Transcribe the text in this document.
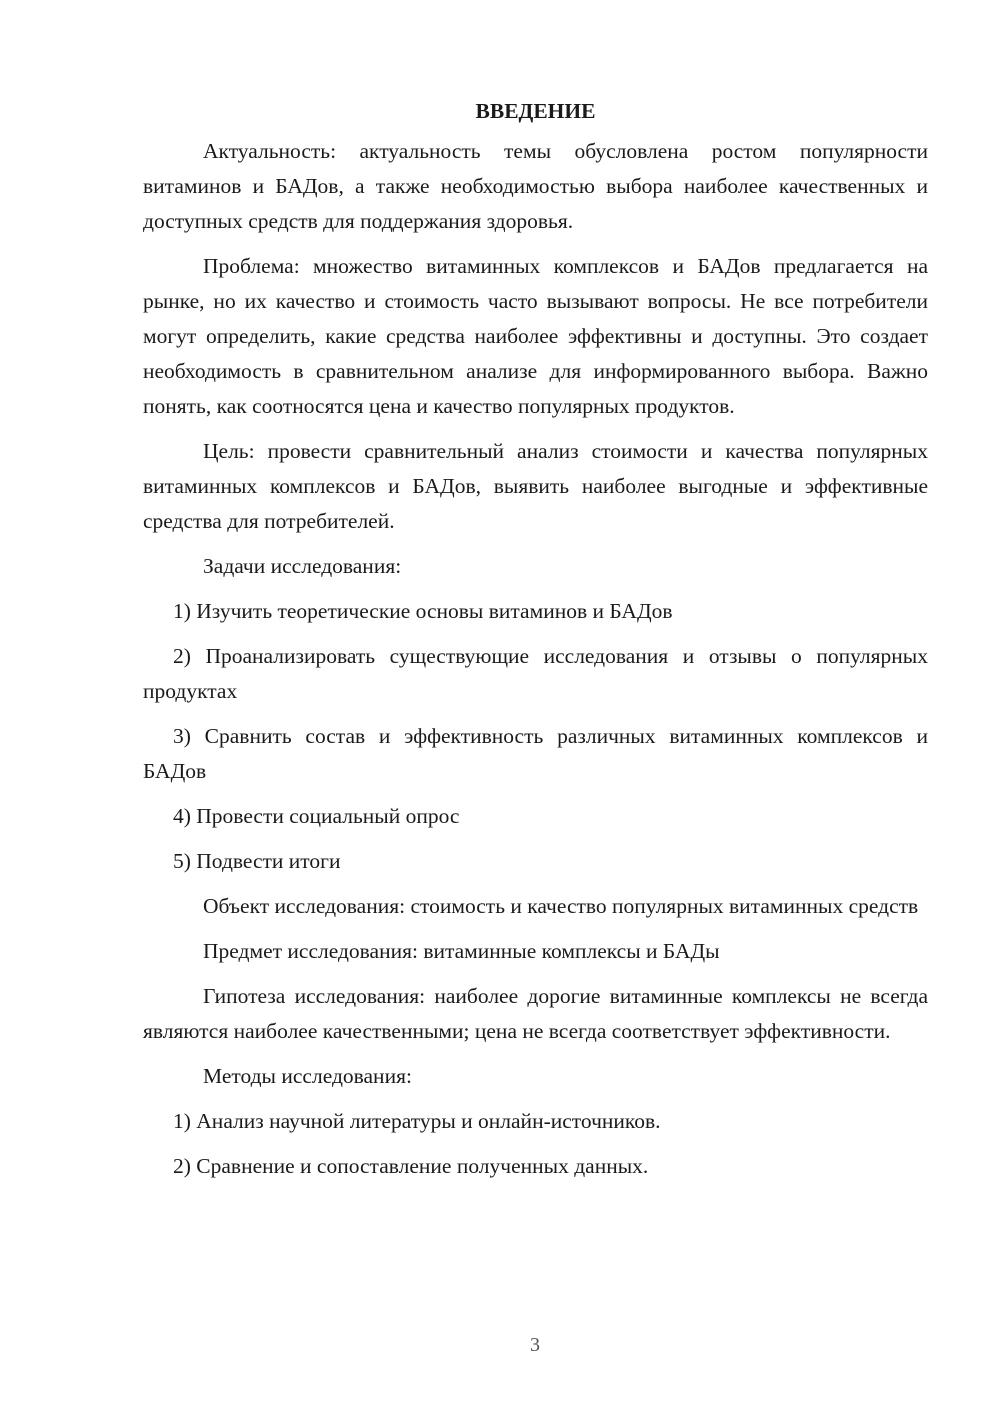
ВВЕДЕНИЕ

Актуальность: актуальность темы обусловлена ростом популярности витаминов и БАДов, а также необходимостью выбора наиболее качественных и доступных средств для поддержания здоровья.

Проблема: множество витаминных комплексов и БАДов предлагается на рынке, но их качество и стоимость часто вызывают вопросы. Не все потребители могут определить, какие средства наиболее эффективны и доступны. Это создает необходимость в сравнительном анализе для информированного выбора. Важно понять, как соотносятся цена и качество популярных продуктов.

Цель: провести сравнительный анализ стоимости и качества популярных витаминных комплексов и БАДов, выявить наиболее выгодные и эффективные средства для потребителей.

Задачи исследования:

1) Изучить теоретические основы витаминов и БАДов

2) Проанализировать существующие исследования и отзывы о популярных продуктах

3) Сравнить состав и эффективность различных витаминных комплексов и БАДов

4) Провести социальный опрос

5) Подвести итоги

Объект исследования: стоимость и качество популярных витаминных средств

Предмет исследования: витаминные комплексы и БАДы

Гипотеза исследования: наиболее дорогие витаминные комплексы не всегда являются наиболее качественными; цена не всегда соответствует эффективности.

Методы исследования:

1) Анализ научной литературы и онлайн-источников.

2) Сравнение и сопоставление полученных данных.

3
